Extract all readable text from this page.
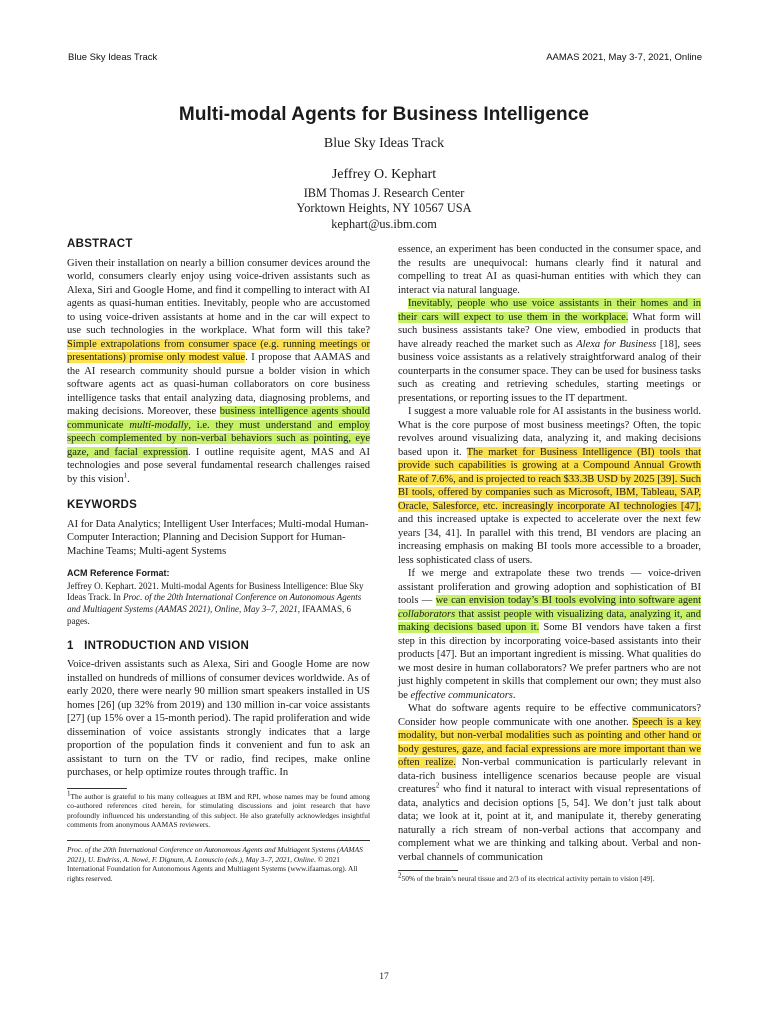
Blue Sky Ideas Track	AAMAS 2021, May 3-7, 2021, Online
Multi-modal Agents for Business Intelligence
Blue Sky Ideas Track
Jeffrey O. Kephart
IBM Thomas J. Research Center
Yorktown Heights, NY 10567 USA
kephart@us.ibm.com
ABSTRACT

Given their installation on nearly a billion consumer devices around the world, consumers clearly enjoy using voice-driven assistants such as Alexa, Siri and Google Home, and find it compelling to interact with AI agents as quasi-human entities. Inevitably, people who are accustomed to using voice-driven assistants at home and in the car will expect to use such technologies in the workplace. What form will this take? Simple extrapolations from consumer space (e.g. running meetings or presentations) promise only modest value. I propose that AAMAS and the AI research community should pursue a bolder vision in which software agents act as quasi-human collaborators on core business intelligence tasks that entail analyzing data, diagnosing problems, and making decisions. Moreover, these business intelligence agents should communicate multi-modally, i.e. they must understand and employ speech complemented by non-verbal behaviors such as pointing, eye gaze, and facial expression. I outline requisite agent, MAS and AI technologies and pose several fundamental research challenges raised by this vision$^1$.

KEYWORDS

AI for Data Analytics; Intelligent User Interfaces; Multi-modal Human-Computer Interaction; Planning and Decision Support for Human-Machine Teams; Multi-agent Systems

ACM Reference Format:
Jeffrey O. Kephart. 2021. Multi-modal Agents for Business Intelligence: Blue Sky Ideas Track. In Proc. of the 20th International Conference on Autonomous Agents and Multiagent Systems (AAMAS 2021), Online, May 3–7, 2021, IFAAMAS, 6 pages.
1   INTRODUCTION AND VISION

Voice-driven assistants such as Alexa, Siri and Google Home are now installed on hundreds of millions of consumer devices worldwide. As of early 2020, there were nearly 90 million smart speakers installed in US homes [26] (up 32% from 2019) and 130 million in-car voice assistants [27] (up 15% over a 15-month period). The rapid proliferation and wide dissemination of voice assistants strongly indicates that a large proportion of the population finds it convenient and fun to ask an assistant to turn on the TV or radio, find recipes, make online purchases, or help optimize routes through traffic. In

$^1$The author is grateful to his many colleagues at IBM and RPI, whose names may be found among co-authored references cited herein, for stimulating discussions and joint research that have profoundly influenced his understanding of this subject. He also gratefully acknowledges insightful comments from anonymous AAMAS reviewers.
Proc. of the 20th International Conference on Autonomous Agents and Multiagent Systems (AAMAS 2021), U. Endriss, A. Nowé, F. Dignum, A. Lomuscio (eds.), May 3–7, 2021, Online. © 2021 International Foundation for Autonomous Agents and Multiagent Systems (www.ifaamas.org). All rights reserved.

essence, an experiment has been conducted in the consumer space, and the results are unequivocal: humans clearly find it natural and compelling to treat AI as quasi-human entities with which they can interact via natural language.

Inevitably, people who use voice assistants in their homes and in their cars will expect to use them in the workplace. What form will such business assistants take? One view, embodied in products that have already reached the market such as Alexa for Business [18], sees business voice assistants as a relatively straightforward analog of their counterparts in the consumer space. They can be used for business tasks such as creating and retrieving schedules, starting meetings or presentations, or reporting issues to the IT department.

I suggest a more valuable role for AI assistants in the business world. What is the core purpose of most business meetings? Often, the topic revolves around visualizing data, analyzing it, and making decisions based upon it. The market for Business Intelligence (BI) tools that provide such capabilities is growing at a Compound Annual Growth Rate of 7.6%, and is projected to reach $33.3B USD by 2025 [39]. Such BI tools, offered by companies such as Microsoft, IBM, Tableau, SAP, Oracle, Salesforce, etc. increasingly incorporate AI technologies [47], and this increased uptake is expected to accelerate over the next few years [34, 41]. In parallel with this trend, BI vendors are placing an increasing emphasis on making BI tools more accessible to a broader, less sophisticated class of users.

If we merge and extrapolate these two trends — voice-driven assistant proliferation and growing adoption and sophistication of BI tools — we can envision today’s BI tools evolving into software agent collaborators that assist people with visualizing data, analyzing it, and making decisions based upon it. Some BI vendors have taken a first step in this direction by incorporating voice-based assistants into their products [47]. But an important ingredient is missing. What qualities do we most desire in human collaborators? We prefer partners who are not just highly competent in skills that complement our own; they must also be effective communicators.

What do software agents require to be effective communicators? Consider how people communicate with one another. Speech is a key modality, but non-verbal modalities such as pointing and other hand or body gestures, gaze, and facial expressions are more important than we often realize. Non-verbal communication is particularly relevant in data-rich business intelligence scenarios because people are visual creatures$^2$ who find it natural to interact with visual representations of data, analytics and decision options [5, 54]. We don’t just talk about data; we look at it, point at it, and manipulate it, thereby generating naturally a rich stream of non-verbal actions that accompany and complement what we are thinking and talking about. Verbal and non-verbal channels of communication

$^2$50% of the brain’s neural tissue and 2/3 of its electrical activity pertain to vision [49].
17
